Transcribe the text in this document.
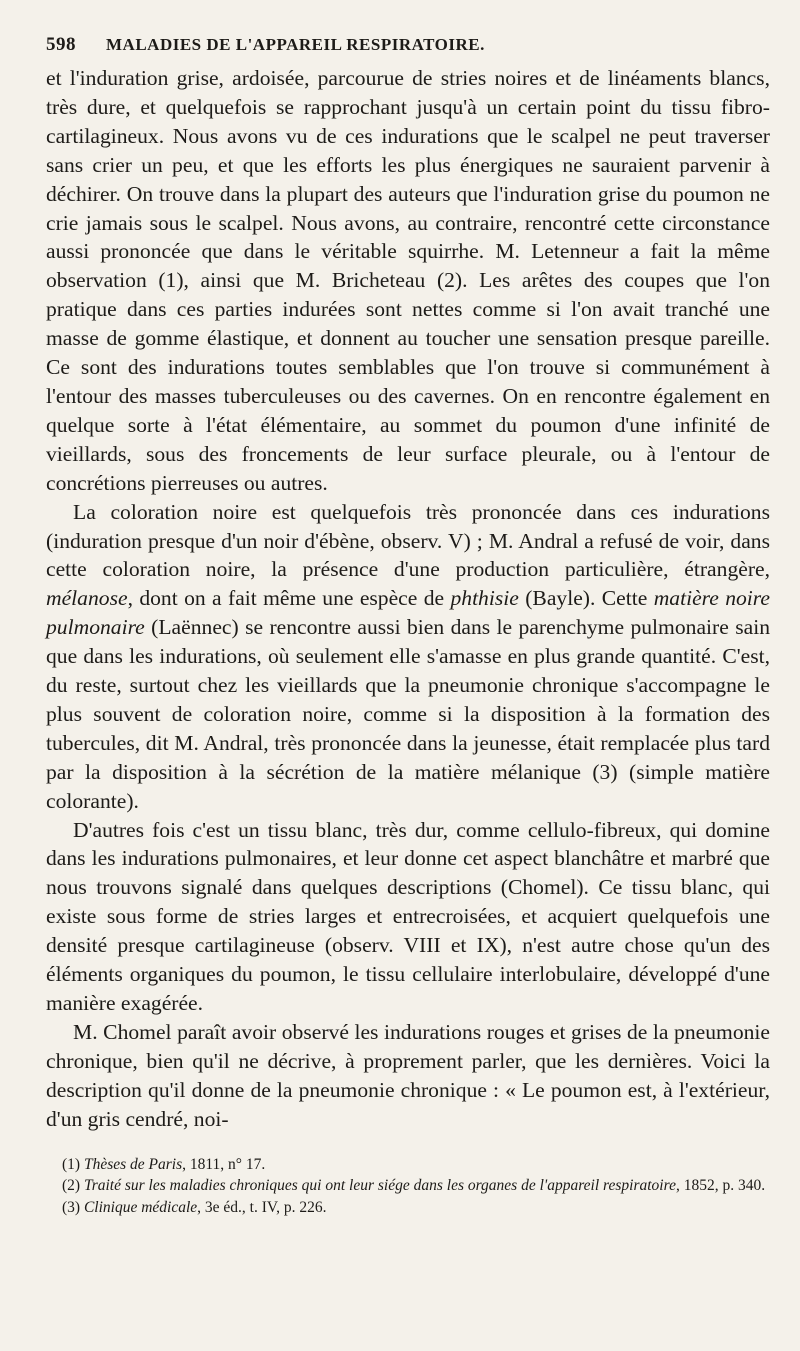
598 MALADIES DE L'APPAREIL RESPIRATOIRE.

et l'induration grise, ardoisée, parcourue de stries noires et de linéaments blancs, très dure, et quelquefois se rapprochant jusqu'à un certain point du tissu fibro-cartilagineux. Nous avons vu de ces indurations que le scalpel ne peut traverser sans crier un peu, et que les efforts les plus énergiques ne sauraient parvenir à déchirer. On trouve dans la plupart des auteurs que l'induration grise du poumon ne crie jamais sous le scalpel. Nous avons, au contraire, rencontré cette circonstance aussi prononcée que dans le véritable squirrhe. M. Letenneur a fait la même observation (1), ainsi que M. Bricheteau (2). Les arêtes des coupes que l'on pratique dans ces parties indurées sont nettes comme si l'on avait tranché une masse de gomme élastique, et donnent au toucher une sensation presque pareille. Ce sont des indurations toutes semblables que l'on trouve si communément à l'entour des masses tuberculeuses ou des cavernes. On en rencontre également en quelque sorte à l'état élémentaire, au sommet du poumon d'une infinité de vieillards, sous des froncements de leur surface pleurale, ou à l'entour de concrétions pierreuses ou autres.

La coloration noire est quelquefois très prononcée dans ces indurations (induration presque d'un noir d'ébène, observ. V) ; M. Andral a refusé de voir, dans cette coloration noire, la présence d'une production particulière, étrangère, mélanose, dont on a fait même une espèce de phthisie (Bayle). Cette matière noire pulmonaire (Laënnec) se rencontre aussi bien dans le parenchyme pulmonaire sain que dans les indurations, où seulement elle s'amasse en plus grande quantité. C'est, du reste, surtout chez les vieillards que la pneumonie chronique s'accompagne le plus souvent de coloration noire, comme si la disposition à la formation des tubercules, dit M. Andral, très prononcée dans la jeunesse, était remplacée plus tard par la disposition à la sécrétion de la matière mélanique (3) (simple matière colorante).

D'autres fois c'est un tissu blanc, très dur, comme cellulo-fibreux, qui domine dans les indurations pulmonaires, et leur donne cet aspect blanchâtre et marbré que nous trouvons signalé dans quelques descriptions (Chomel). Ce tissu blanc, qui existe sous forme de stries larges et entrecroisées, et acquiert quelquefois une densité presque cartilagineuse (observ. VIII et IX), n'est autre chose qu'un des éléments organiques du poumon, le tissu cellulaire interlobulaire, développé d'une manière exagérée.

M. Chomel paraît avoir observé les indurations rouges et grises de la pneumonie chronique, bien qu'il ne décrive, à proprement parler, que les dernières. Voici la description qu'il donne de la pneumonie chronique : « Le poumon est, à l'extérieur, d'un gris cendré, noi-

(1) Thèses de Paris, 1811, n° 17.

(2) Traité sur les maladies chroniques qui ont leur siége dans les organes de l'appareil respiratoire, 1852, p. 340.

(3) Clinique médicale, 3e éd., t. IV, p. 226.
